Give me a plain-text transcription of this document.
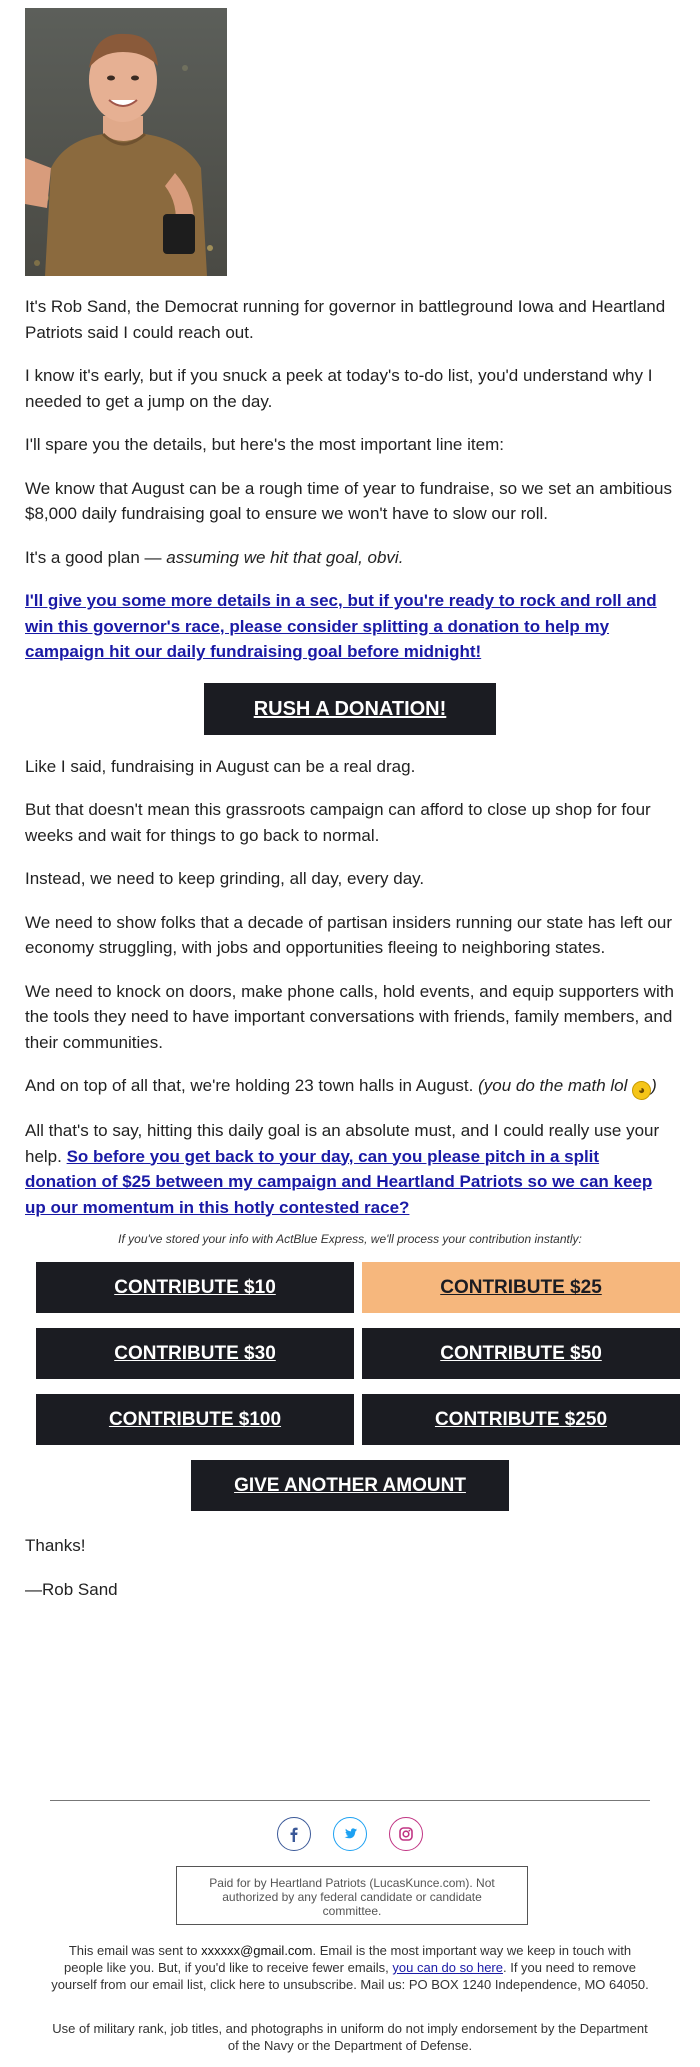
It's Rob Sand, the Democrat running for governor in battleground Iowa and Heartland Patriots said I could reach out.

I know it's early, but if you snuck a peek at today's to-do list, you'd understand why I needed to get a jump on the day.

I'll spare you the details, but here's the most important line item:

We know that August can be a rough time of year to fundraise, so we set an ambitious $8,000 daily fundraising goal to ensure we won't have to slow our roll.

It's a good plan — assuming we hit that goal, obvi.

I'll give you some more details in a sec, but if you're ready to rock and roll and win this governor's race, please consider splitting a donation to help my campaign hit our daily fundraising goal before midnight!

RUSH A DONATION!

Like I said, fundraising in August can be a real drag.

But that doesn't mean this grassroots campaign can afford to close up shop for four weeks and wait for things to go back to normal.

Instead, we need to keep grinding, all day, every day.

We need to show folks that a decade of partisan insiders running our state has left our economy struggling, with jobs and opportunities fleeing to neighboring states.

We need to knock on doors, make phone calls, hold events, and equip supporters with the tools they need to have important conversations with friends, family members, and their communities.

And on top of all that, we're holding 23 town halls in August. (you do the math lol ◕ )

All that's to say, hitting this daily goal is an absolute must, and I could really use your help. So before you get back to your day, can you please pitch in a split donation of $25 between my campaign and Heartland Patriots so we can keep up our momentum in this hotly contested race?

If you've stored your info with ActBlue Express, we'll process your contribution instantly:

CONTRIBUTE $10	CONTRIBUTE $25
CONTRIBUTE $30	CONTRIBUTE $50
CONTRIBUTE $100	CONTRIBUTE $250
GIVE ANOTHER AMOUNT

Thanks!

—Rob Sand

Paid for by Heartland Patriots (LucasKunce.com). Not authorized by any federal candidate or candidate committee.

This email was sent to xxxxxx@gmail.com. Email is the most important way we keep in touch with people like you. But, if you'd like to receive fewer emails, you can do so here. If you need to remove yourself from our email list, click here to unsubscribe. Mail us: PO BOX 1240 Independence, MO 64050.

Use of military rank, job titles, and photographs in uniform do not imply endorsement by the Department of the Navy or the Department of Defense.
